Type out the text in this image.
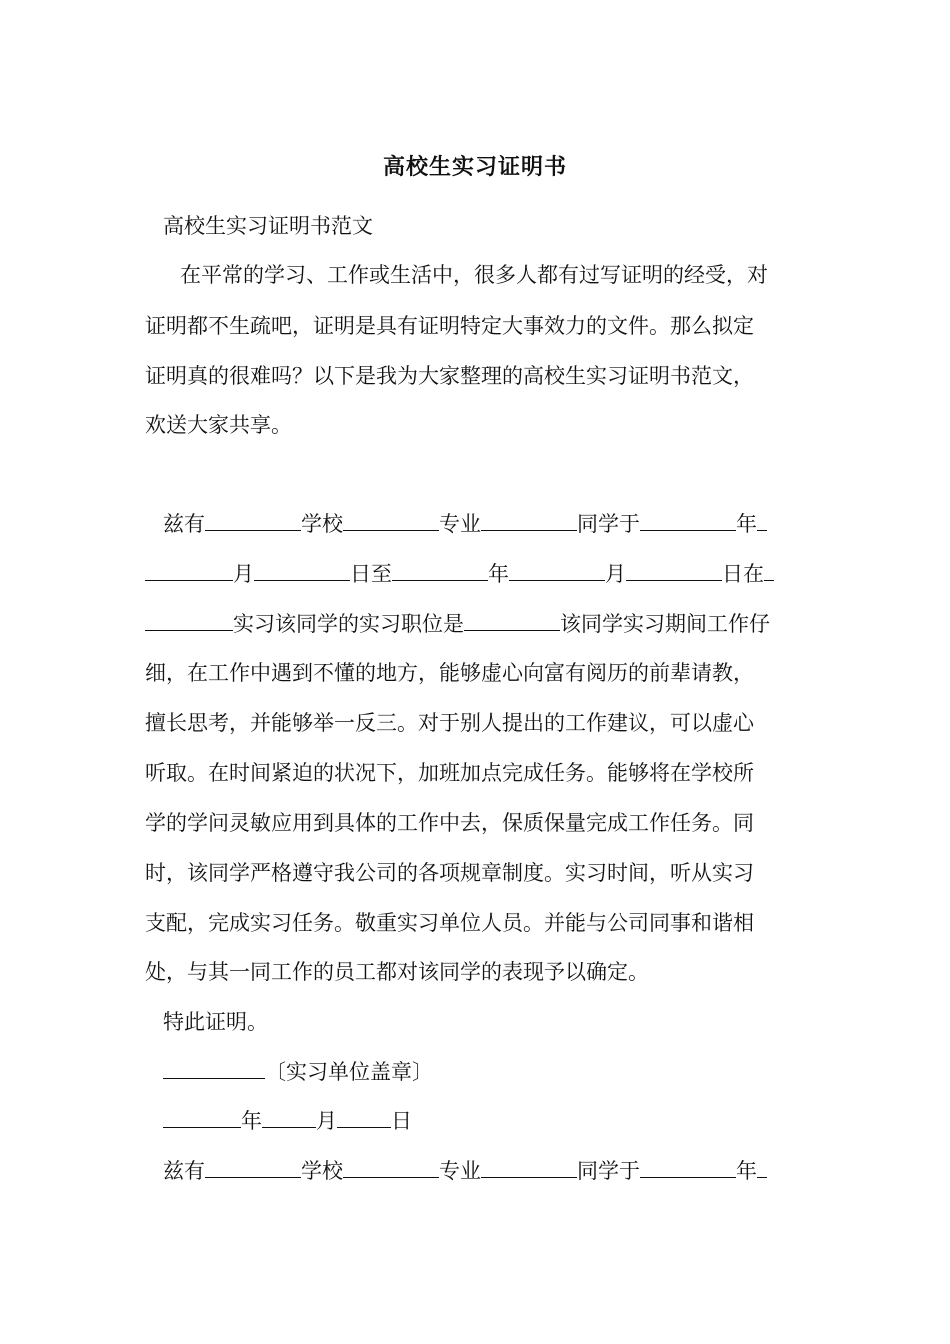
高校生实习证明书
高校生实习证明书范文
在平常的学习、工作或生活中，很多人都有过写证明的经受，对
证明都不生疏吧，证明是具有证明特定大事效力的文件。那么拟定
证明真的很难吗？以下是我为大家整理的高校生实习证明书范文，
欢送大家共享。
兹有	学校	专业	同学于	年
月	日至	年	月	日在
实习该同学的实习职位是	该同学实习期间工作仔
细，在工作中遇到不懂的地方，能够虚心向富有阅历的前辈请教，
擅长思考，并能够举一反三。对于别人提出的工作建议，可以虚心
听取。在时间紧迫的状况下，加班加点完成任务。能够将在学校所
学的学问灵敏应用到具体的工作中去，保质保量完成工作任务。同
时，该同学严格遵守我公司的各项规章制度。实习时间，听从实习
支配，完成实习任务。敬重实习单位人员。并能与公司同事和谐相
处，与其一同工作的员工都对该同学的表现予以确定。
特此证明。
〔实习单位盖章〕
年	月	日
兹有	学校	专业	同学于	年
